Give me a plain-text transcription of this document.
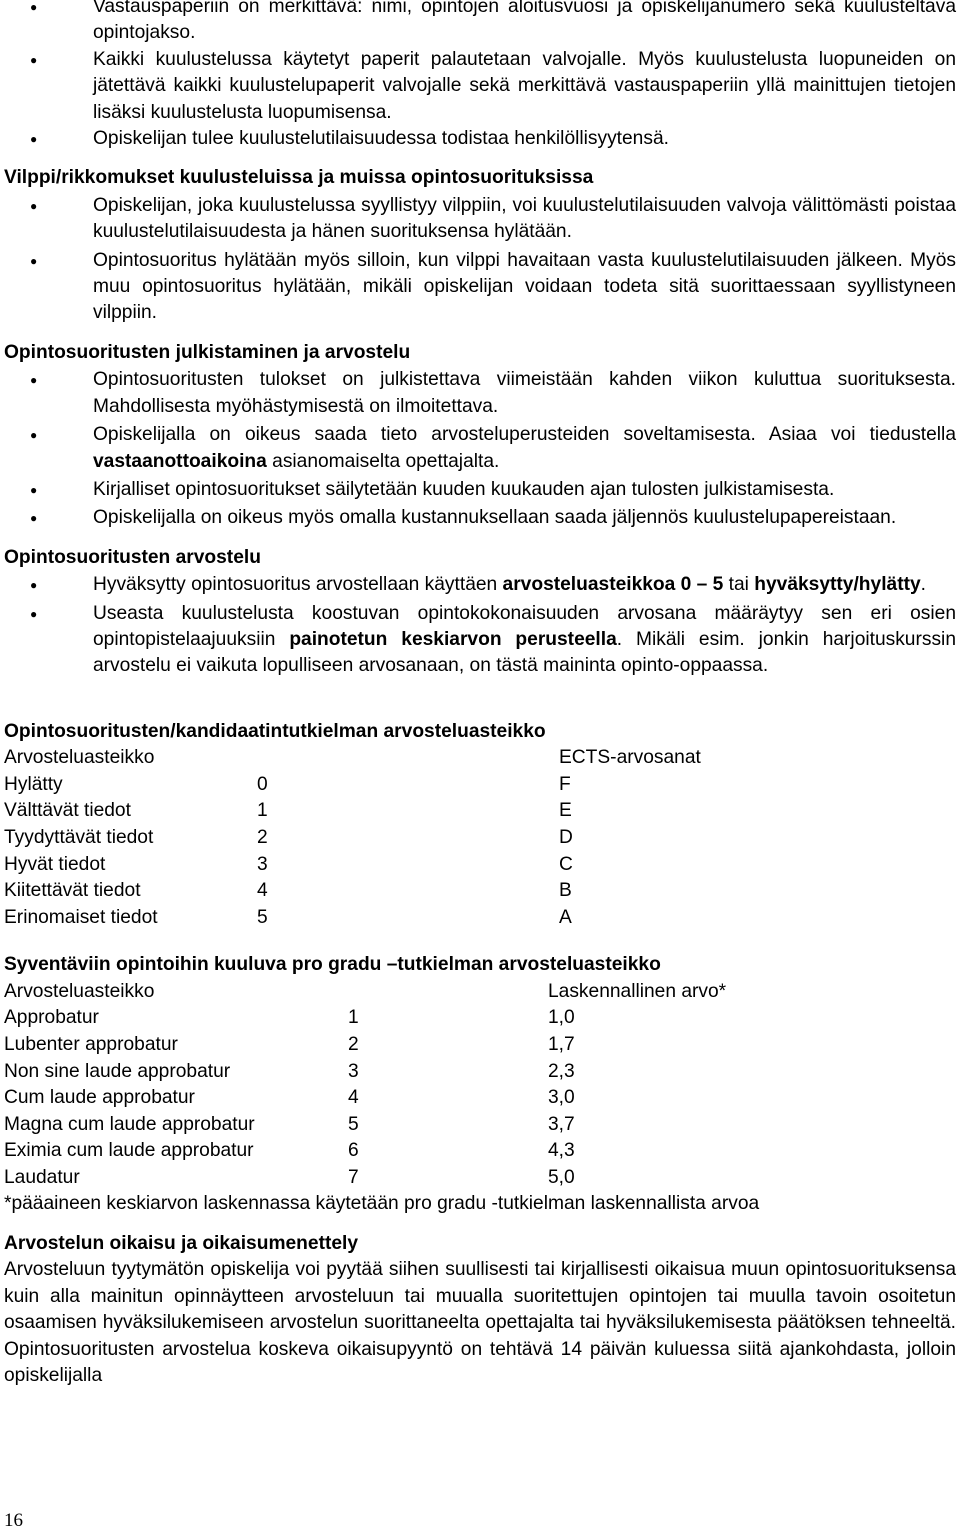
●	Vastauspaperiin on merkittävä: nimi, opintojen aloitusvuosi ja opiskelijanumero sekä kuulusteltava opintojakso.
●	Kaikki kuulustelussa käytetyt paperit palautetaan valvojalle. Myös kuulustelusta luopuneiden on jätettävä kaikki kuulustelupaperit valvojalle sekä merkittävä vastauspaperiin yllä mainittujen tietojen lisäksi kuulustelusta luopumisensa.
●	Opiskelijan tulee kuulustelutilaisuudessa todistaa henkilöllisyytensä.
Vilppi/rikkomukset kuulusteluissa ja muissa opintosuorituksissa
●	Opiskelijan, joka kuulustelussa syyllistyy vilppiin, voi kuulustelutilaisuuden valvoja välittömästi poistaa kuulustelutilaisuudesta ja hänen suorituksensa hylätään.
●	Opintosuoritus hylätään myös silloin, kun vilppi havaitaan vasta kuulustelutilaisuuden jälkeen. Myös muu opintosuoritus hylätään, mikäli opiskelijan voidaan todeta sitä suorittaessaan syyllistyneen vilppiin.
Opintosuoritusten julkistaminen ja arvostelu
●	Opintosuoritusten tulokset on julkistettava viimeistään kahden viikon kuluttua suorituksesta. Mahdollisesta myöhästymisestä on ilmoitettava.
●	Opiskelijalla on oikeus saada tieto arvosteluperusteiden soveltamisesta. Asiaa voi tiedustella vastaanottoaikoina asianomaiselta opettajalta.
●	Kirjalliset opintosuoritukset säilytetään kuuden kuukauden ajan tulosten julkistamisesta.
●	Opiskelijalla on oikeus myös omalla kustannuksellaan saada jäljennös kuulustelupapereistaan.
Opintosuoritusten arvostelu
●	Hyväksytty opintosuoritus arvostellaan käyttäen arvosteluasteikkoa 0 – 5 tai hyväksytty/hylätty.
●	Useasta kuulustelusta koostuvan opintokokonaisuuden arvosana määräytyy sen eri osien opintopistelaajuuksiin painotetun keskiarvon perusteella. Mikäli esim. jonkin harjoituskurssin arvostelu ei vaikuta lopulliseen arvosanaan, on tästä maininta opinto-oppaassa.
Opintosuoritusten/kandidaatintutkielman arvosteluasteikko
Arvosteluasteikko	ECTS-arvosanat
Hylätty	0	F
Välttävät tiedot	1	E
Tyydyttävät tiedot	2	D
Hyvät tiedot	3	C
Kiitettävät tiedot	4	B
Erinomaiset tiedot	5	A
Syventäviin opintoihin kuuluva pro gradu –tutkielman arvosteluasteikko
Arvosteluasteikko	Laskennallinen arvo*
Approbatur	1	1,0
Lubenter approbatur	2	1,7
Non sine laude approbatur	3	2,3
Cum laude approbatur	4	3,0
Magna cum laude approbatur	5	3,7
Eximia cum laude approbatur	6	4,3
Laudatur	7	5,0
*pääaineen keskiarvon laskennassa käytetään pro gradu -tutkielman laskennallista arvoa
Arvostelun oikaisu ja oikaisumenettely
Arvosteluun tyytymätön opiskelija voi pyytää siihen suullisesti tai kirjallisesti oikaisua muun opintosuorituksensa kuin alla mainitun opinnäytteen arvosteluun tai muualla suoritettujen opintojen tai muulla tavoin osoitetun osaamisen hyväksilukemiseen arvostelun suorittaneelta opettajalta tai hyväksilukemisesta päätöksen tehneeltä. Opintosuoritusten arvostelua koskeva oikaisupyyntö on tehtävä 14 päivän kuluessa siitä ajankohdasta, jolloin opiskelijalla
16
